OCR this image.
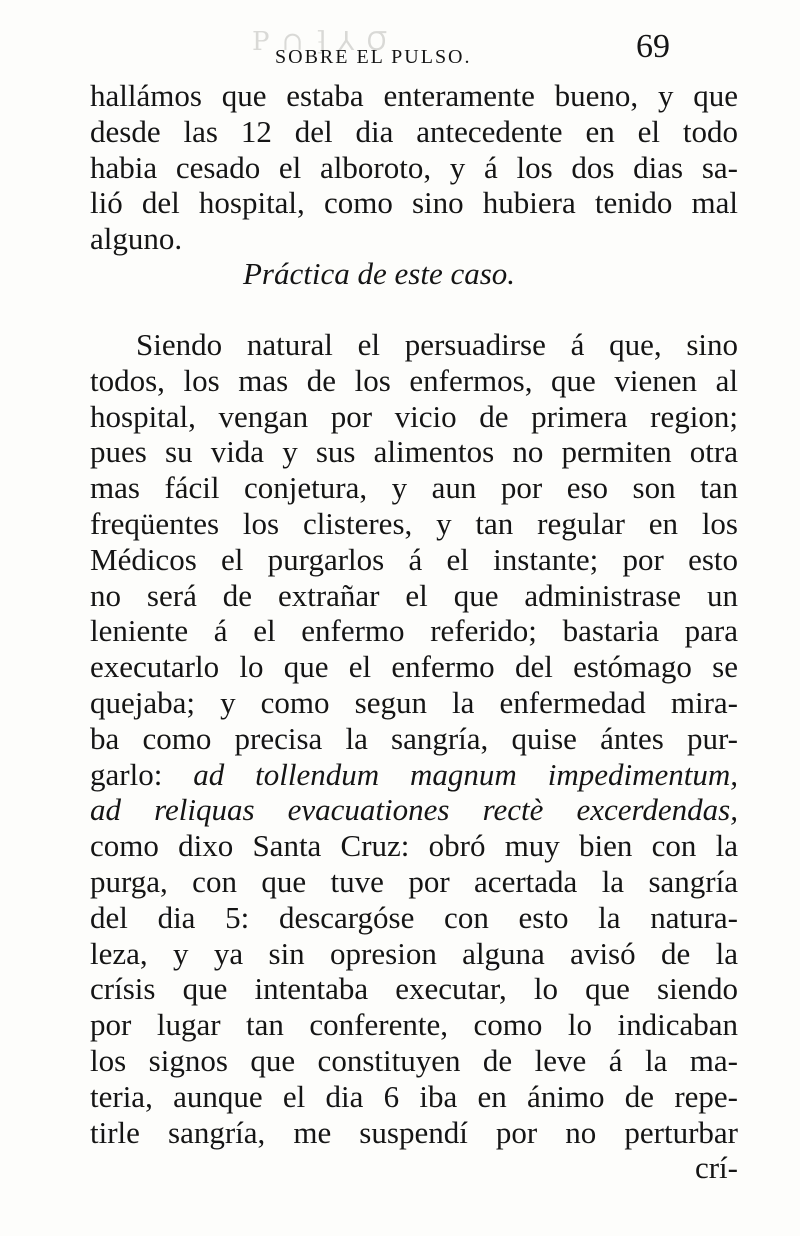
Ꝺ ⅄ ⁅ ∩ ꟼ
SOBRE EL PULSO.	69
hallámos que estaba enteramente bueno, y que
desde las 12 del dia antecedente en el todo
habia cesado el alboroto, y á los dos dias sa-
lió del hospital, como sino hubiera tenido mal
alguno.
Práctica de este caso.
Siendo natural el persuadirse á que, sino
todos, los mas de los enfermos, que vienen al
hospital, vengan por vicio de primera region;
pues su vida y sus alimentos no permiten otra
mas fácil conjetura, y aun por eso son tan
freqüentes los clisteres, y tan regular en los
Médicos el purgarlos á el instante; por esto
no será de extrañar el que administrase un
leniente á el enfermo referido; bastaria para
executarlo lo que el enfermo del estómago se
quejaba; y como segun la enfermedad mira-
ba como precisa la sangría, quise ántes pur-
garlo: ad tollendum magnum impedimentum,
ad reliquas evacuationes rectè excerdendas,
como dixo Santa Cruz: obró muy bien con la
purga, con que tuve por acertada la sangría
del dia 5: descargóse con esto la natura-
leza, y ya sin opresion alguna avisó de la
crísis que intentaba executar, lo que siendo
por lugar tan conferente, como lo indicaban
los signos que constituyen de leve á la ma-
teria, aunque el dia 6 iba en ánimo de repe-
tirle sangría, me suspendí por no perturbar
crí-
